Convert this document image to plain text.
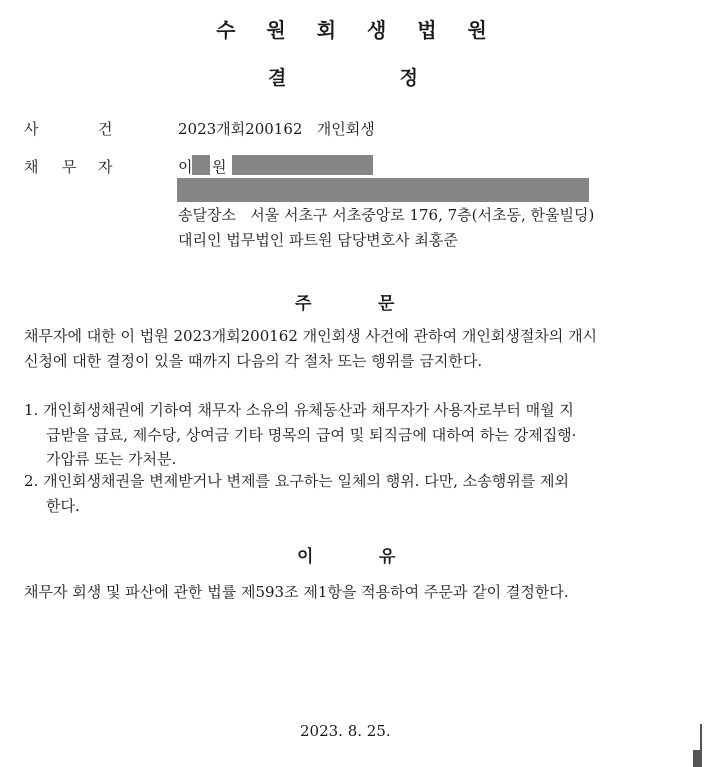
수 원 회 생 법 원
결	정
사	건	2023개회200162   개인회생
채 무 자	이 원
송달장소   서울 서초구 서초중앙로 176, 7층(서초동, 한울빌딩)
대리인 법무법인 파트원 담당변호사 최홍준
주	문
채무자에 대한 이 법원 2023개회200162 개인회생 사건에 관하여 개인회생절차의 개시
신청에 대한 결정이 있을 때까지 다음의 각 절차 또는 행위를 금지한다.
1. 개인회생채권에 기하여 채무자 소유의 유체동산과 채무자가 사용자로부터 매월 지
급받을 급료, 제수당, 상여금 기타 명목의 급여 및 퇴직금에 대하여 하는 강제집행·
가압류 또는 가처분.
2. 개인회생채권을 변제받거나 변제를 요구하는 일체의 행위. 다만, 소송행위를 제외
한다.
이	유
채무자 회생 및 파산에 관한 법률 제593조 제1항을 적용하여 주문과 같이 결정한다.
2023. 8. 25.
